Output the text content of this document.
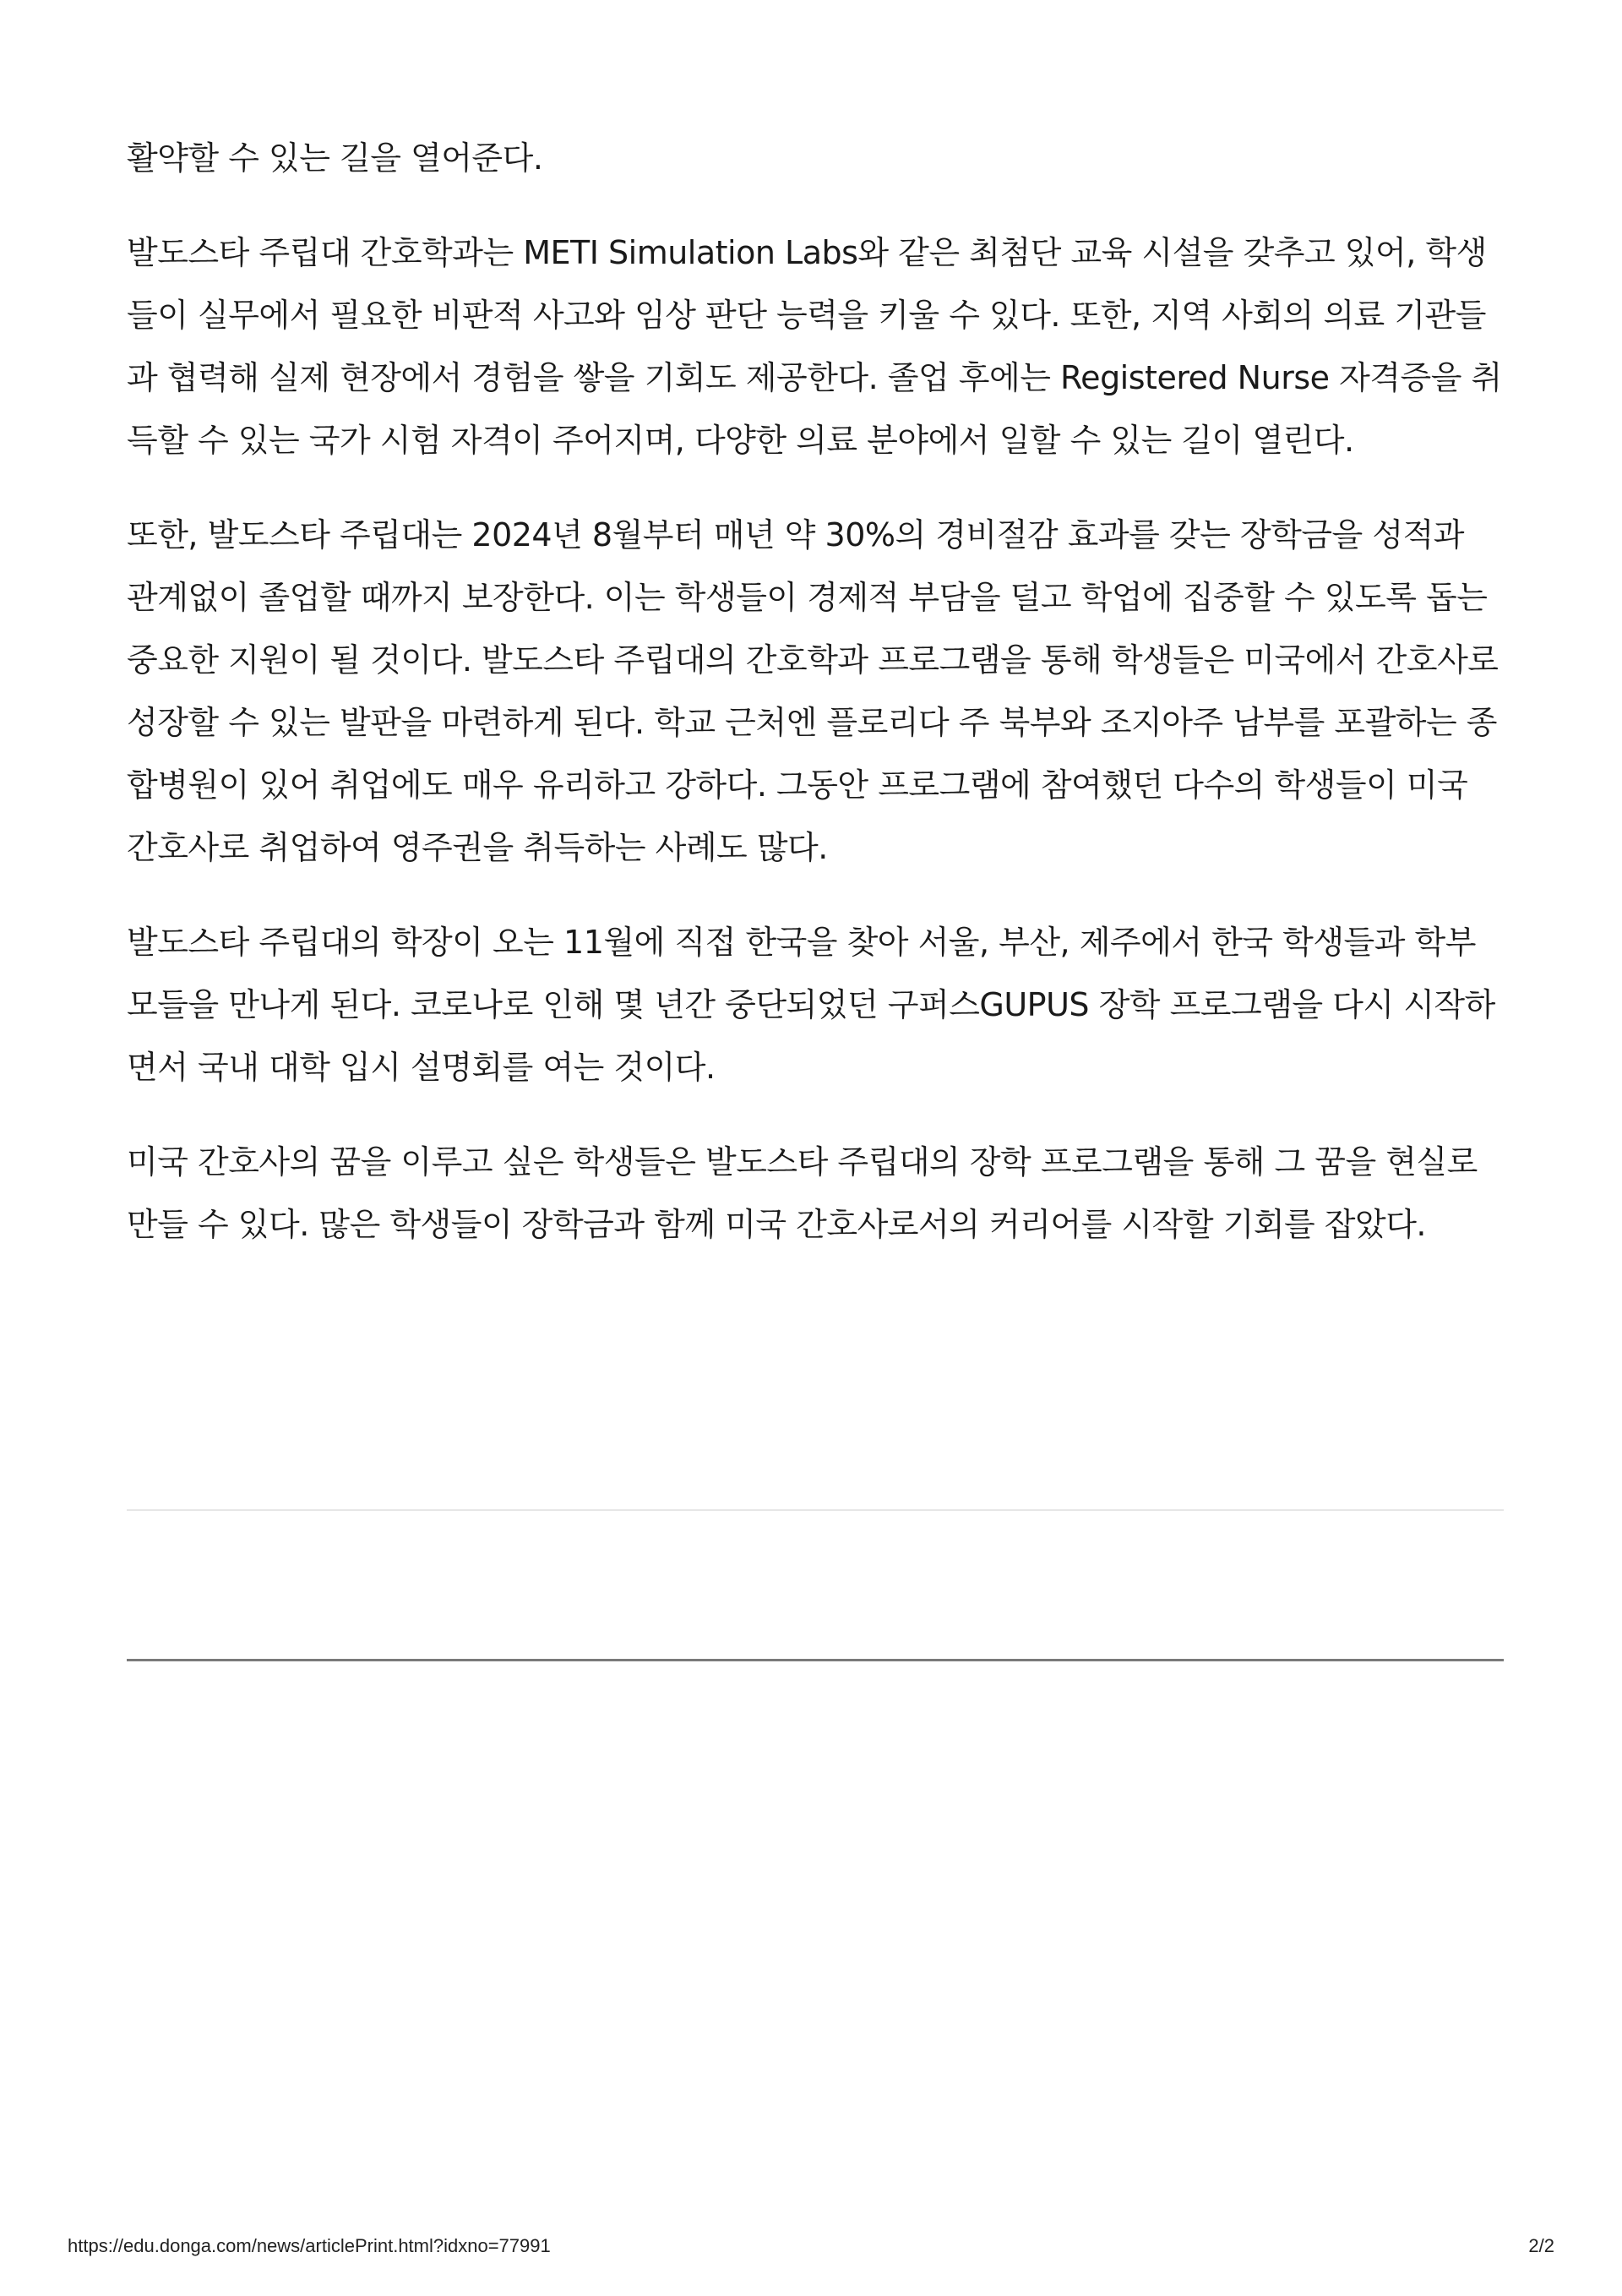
활약할 수 있는 길을 열어준다.

발도스타 주립대 간호학과는 METI Simulation Labs와 같은 최첨단 교육 시설을 갖추고 있어, 학생들이 실무에서 필요한 비판적 사고와 임상 판단 능력을 키울 수 있다. 또한, 지역 사회의 의료 기관들과 협력해 실제 현장에서 경험을 쌓을 기회도 제공한다. 졸업 후에는 Registered Nurse 자격증을 취득할 수 있는 국가 시험 자격이 주어지며, 다양한 의료 분야에서 일할 수 있는 길이 열린다.

또한, 발도스타 주립대는 2024년 8월부터 매년 약 30%의 경비절감 효과를 갖는 장학금을 성적과 관계없이 졸업할 때까지 보장한다. 이는 학생들이 경제적 부담을 덜고 학업에 집중할 수 있도록 돕는 중요한 지원이 될 것이다. 발도스타 주립대의 간호학과 프로그램을 통해 학생들은 미국에서 간호사로 성장할 수 있는 발판을 마련하게 된다. 학교 근처엔 플로리다 주 북부와 조지아주 남부를 포괄하는 종합병원이 있어 취업에도 매우 유리하고 강하다. 그동안 프로그램에 참여했던 다수의 학생들이 미국 간호사로 취업하여 영주권을 취득하는 사례도 많다.

발도스타 주립대의 학장이 오는 11월에 직접 한국을 찾아 서울, 부산, 제주에서 한국 학생들과 학부모들을 만나게 된다. 코로나로 인해 몇 년간 중단되었던 구퍼스GUPUS 장학 프로그램을 다시 시작하면서 국내 대학 입시 설명회를 여는 것이다.

미국 간호사의 꿈을 이루고 싶은 학생들은 발도스타 주립대의 장학 프로그램을 통해 그 꿈을 현실로 만들 수 있다. 많은 학생들이 장학금과 함께 미국 간호사로서의 커리어를 시작할 기회를 잡았다.

https://edu.donga.com/news/articlePrint.html?idxno=77991	2/2
